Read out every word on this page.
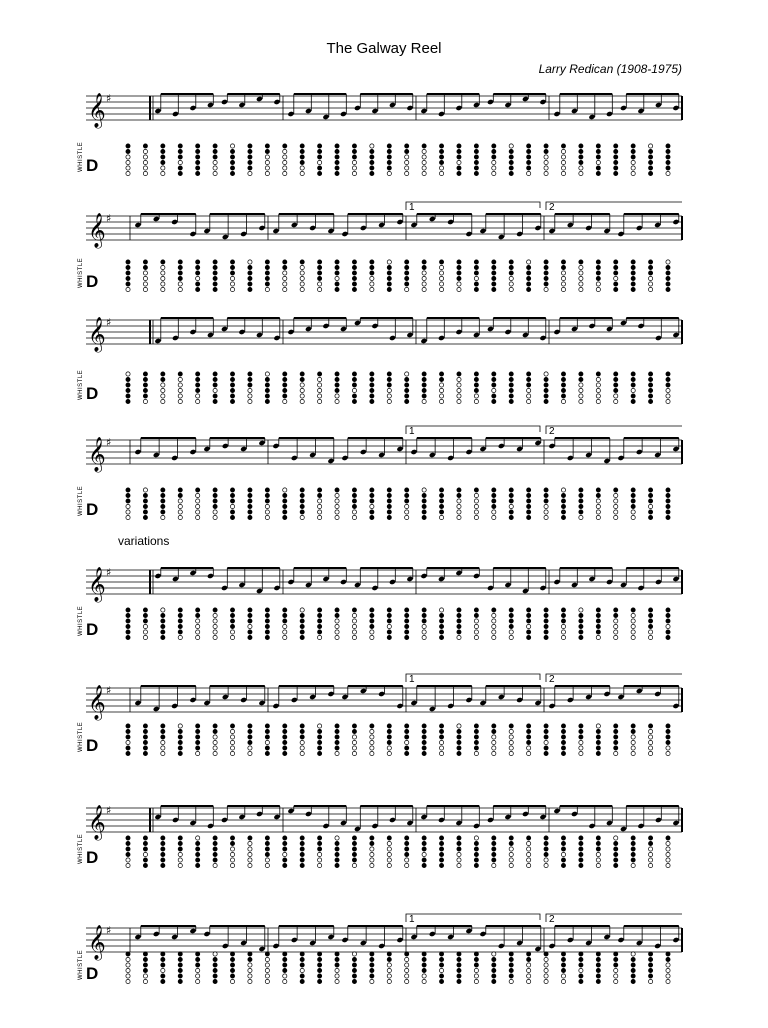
The Galway Reel
Larry Redican (1908-1975)
variations
𝄞 ♯
WHISTLE D
𝄞 ♯
1	2
WHISTLE D
𝄞 ♯
WHISTLE D
𝄞 ♯
1	2
WHISTLE D
𝄞 ♯
WHISTLE D
𝄞 ♯
1	2
WHISTLE D
𝄞 ♯
WHISTLE D
𝄞 ♯
1	2
WHISTLE D
